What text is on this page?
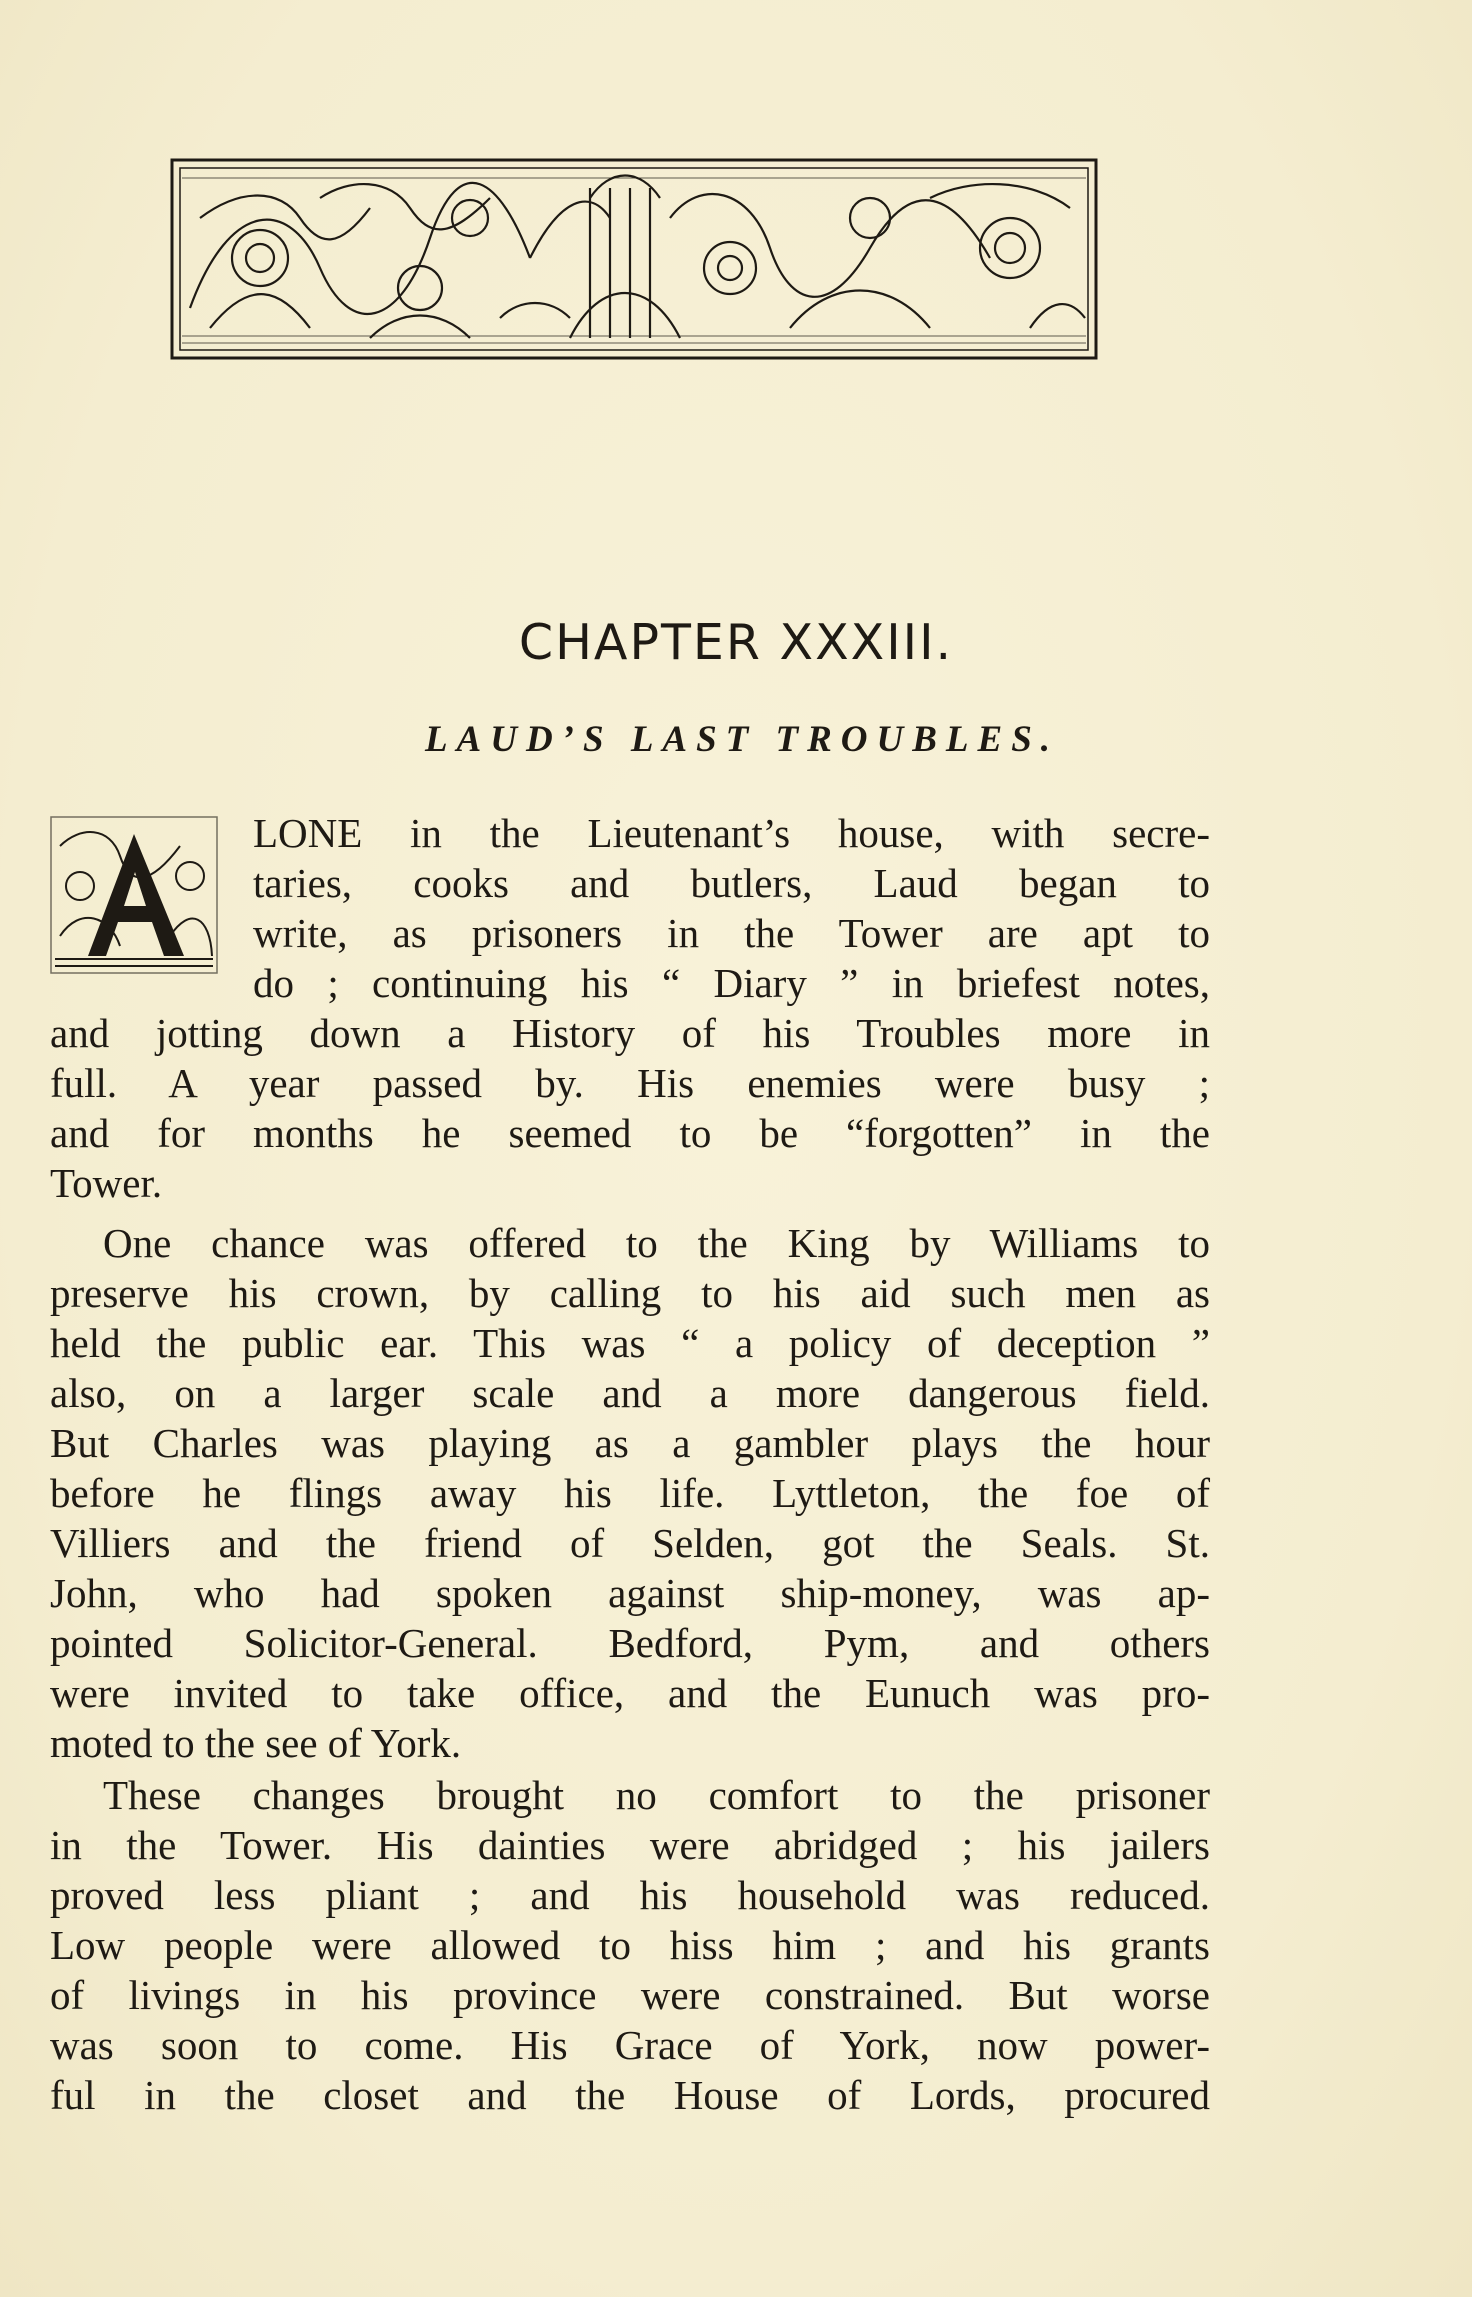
CHAPTER XXXIII.
LAUD’S LAST TROUBLES.
LONE in the Lieutenant’s house, with secre-
taries, cooks and butlers, Laud began to
write, as prisoners in the Tower are apt to
do ; continuing his “ Diary ” in briefest notes,
and jotting down a History of his Troubles more in
full. A year passed by. His enemies were busy ;
and for months he seemed to be “forgotten” in the
Tower.
One chance was offered to the King by Williams to
preserve his crown, by calling to his aid such men as
held the public ear. This was “ a policy of deception ”
also, on a larger scale and a more dangerous field.
But Charles was playing as a gambler plays the hour
before he flings away his life. Lyttleton, the foe of
Villiers and the friend of Selden, got the Seals. St.
John, who had spoken against ship-money, was ap-
pointed Solicitor-General. Bedford, Pym, and others
were invited to take office, and the Eunuch was pro-
moted to the see of York.
These changes brought no comfort to the prisoner
in the Tower. His dainties were abridged ; his jailers
proved less pliant ; and his household was reduced.
Low people were allowed to hiss him ; and his grants
of livings in his province were constrained. But worse
was soon to come. His Grace of York, now power-
ful in the closet and the House of Lords, procured
